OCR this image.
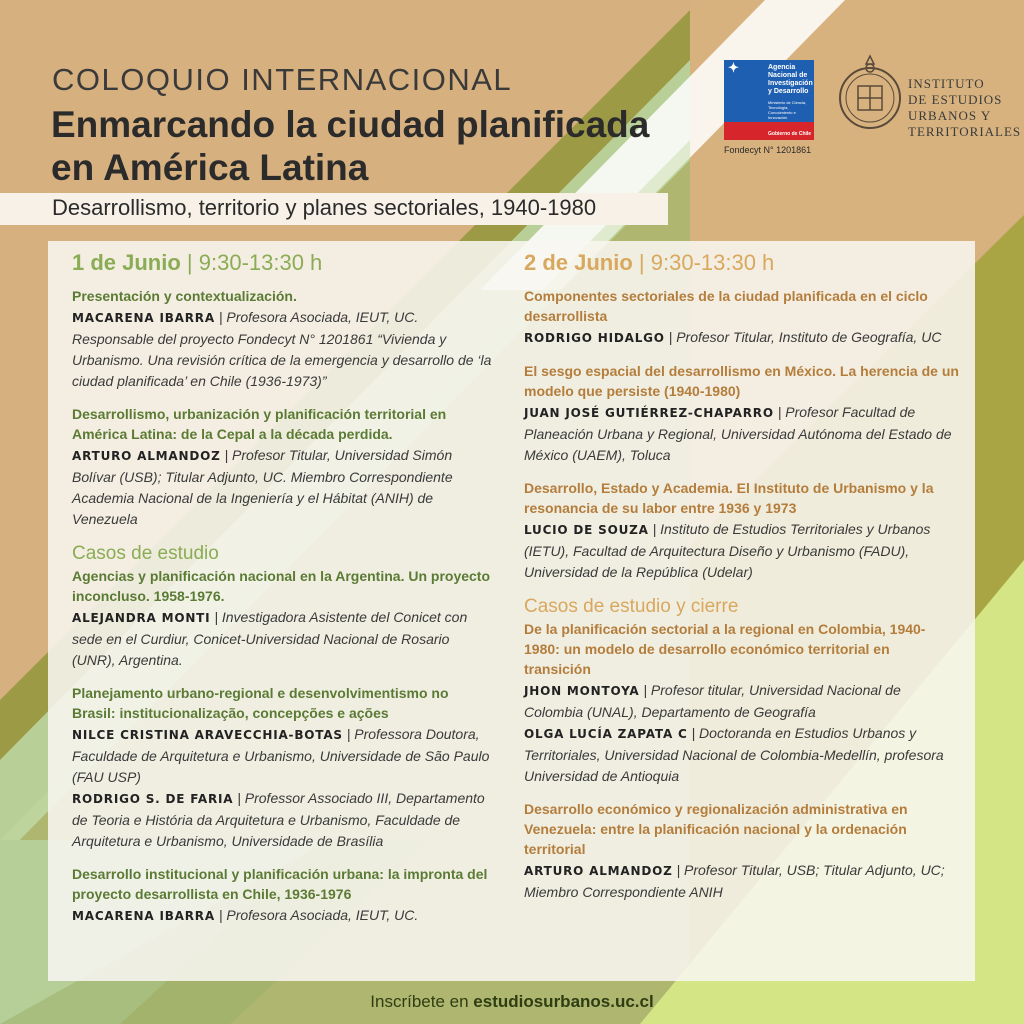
COLOQUIO INTERNACIONAL
Enmarcando la ciudad planificada en América Latina
Desarrollismo, territorio y planes sectoriales, 1940-1980
✦	Agencia
Nacional de
Investigación
y Desarrollo
Ministerio de Ciencia, Tecnología, Conocimiento e Innovación
Gobierno de Chile
Fondecyt N° 1201861
INSTITUTO
DE ESTUDIOS
URBANOS Y
TERRITORIALES
1 de Junio | 9:30-13:30 h
Presentación y contextualización.
MACARENA IBARRA | Profesora Asociada, IEUT, UC. Responsable del proyecto Fondecyt N° 1201861 “Vivienda y Urbanismo. Una revisión crítica de la emergencia y desarrollo de ‘la ciudad planificada’ en Chile (1936-1973)”
Desarrollismo, urbanización y planificación territorial en América Latina: de la Cepal a la década perdida.
ARTURO ALMANDOZ | Profesor Titular, Universidad Simón Bolívar (USB); Titular Adjunto, UC. Miembro Correspondiente Academia Nacional de la Ingeniería y el Hábitat (ANIH) de Venezuela
Casos de estudio
Agencias y planificación nacional en la Argentina. Un proyecto inconcluso. 1958-1976.
ALEJANDRA MONTI | Investigadora Asistente del Conicet con sede en el Curdiur, Conicet-Universidad Nacional de Rosario (UNR), Argentina.
Planejamento urbano-regional e desenvolvimentismo no Brasil: institucionalização, concepções e ações
NILCE CRISTINA ARAVECCHIA-BOTAS | Professora Doutora, Faculdade de Arquitetura e Urbanismo, Universidade de São Paulo (FAU USP)
RODRIGO S. DE FARIA | Professor Associado III, Departamento de Teoria e História da Arquitetura e Urbanismo, Faculdade de Arquitetura e Urbanismo, Universidade de Brasília
Desarrollo institucional y planificación urbana: la impronta del proyecto desarrollista en Chile, 1936-1976
MACARENA IBARRA | Profesora Asociada, IEUT, UC.
2 de Junio | 9:30-13:30 h
Componentes sectoriales de la ciudad planificada en el ciclo desarrollista
RODRIGO HIDALGO | Profesor Titular, Instituto de Geografía, UC
El sesgo espacial del desarrollismo en México. La herencia de un modelo que persiste (1940-1980)
JUAN JOSÉ GUTIÉRREZ-CHAPARRO | Profesor Facultad de Planeación Urbana y Regional, Universidad Autónoma del Estado de México (UAEM), Toluca
Desarrollo, Estado y Academia. El Instituto de Urbanismo y la resonancia de su labor entre 1936 y 1973
LUCIO DE SOUZA | Instituto de Estudios Territoriales y Urbanos (IETU), Facultad de Arquitectura Diseño y Urbanismo (FADU), Universidad de la República (Udelar)
Casos de estudio y cierre
De la planificación sectorial a la regional en Colombia, 1940-1980: un modelo de desarrollo económico territorial en transición
JHON MONTOYA | Profesor titular, Universidad Nacional de Colombia (UNAL), Departamento de Geografía
OLGA LUCÍA ZAPATA C | Doctoranda en Estudios Urbanos y Territoriales, Universidad Nacional de Colombia-Medellín, profesora Universidad de Antioquia
Desarrollo económico y regionalización administrativa en Venezuela: entre la planificación nacional y la ordenación territorial
ARTURO ALMANDOZ | Profesor Titular, USB; Titular Adjunto, UC; Miembro Correspondiente ANIH
Inscríbete en estudiosurbanos.uc.cl
